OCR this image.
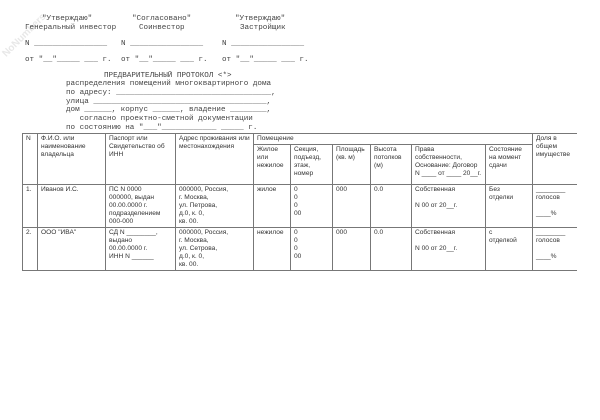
NoNumbers
"Утверждаю"
Генеральный инвестор
N ________________
от "__"_____ ___ г.
"Согласовано"
Соинвестор
N ________________
от "__"_____ ___ г.
"Утверждаю"
Застройщик
N ________________
от "__"_____ ___ г.
ПРЕДВАРИТЕЛЬНЫЙ ПРОТОКОЛ <*>
распределения помещений многоквартирного дома
по адресу: __________________________________,
улица ______________________________________,
дом ______, корпус ______, владение ________,
согласно проектно-сметной документации
по состоянию на "___"____________ _____ г.
N	Ф.И.О. или наименование владельца	Паспорт или Свидетельство об ИНН	Адрес проживания или местонахождения	Помещение						Доля в общем имуществе
				Жилое или нежилое	Секция, подъезд, этаж, номер	Площадь (кв. м)	Высота потолков (м)	Права собственности, Основание: Договор N ____ от ____ 20__г.	Состояние на момент сдачи	
1.	Иванов И.С.	ПС N 0000
000000, выдан
00.00.0000 г.
подразделением
000-000	000000, Россия,
г. Москва,
ул. Петрова,
д.0, к. 0,
кв. 00.	жилое	0
0
0
00	000	0.0	Собственная

N 00 от 20__г.	Без
отделки	________
голосов

____%
2.	ООО "ИВА"	СД N ________,
выдано
00.00.0000 г.
ИНН N ______	000000, Россия,
г. Москва,
ул. Сетрова,
д.0, к. 0,
кв. 00.	нежилое	0
0
0
00	000	0.0	Собственная

N 00 от 20__г.	с
отделкой	________
голосов

____%
